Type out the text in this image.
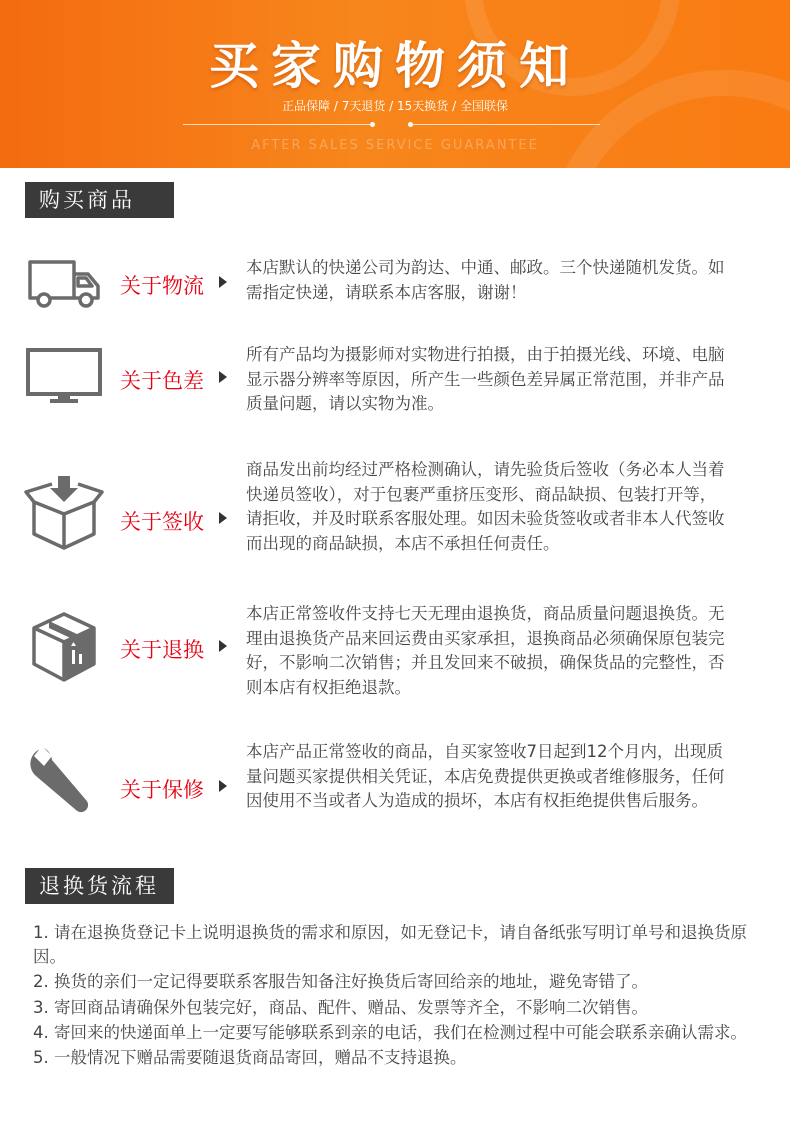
买家购物须知
正品保障 / 7天退货 / 15天换货 / 全国联保
AFTER SALES SERVICE GUARANTEE
购买商品
关于物流
本店默认的快递公司为韵达、中通、邮政。三个快递随机发货。如需指定快递，请联系本店客服，谢谢！
关于色差
所有产品均为摄影师对实物进行拍摄，由于拍摄光线、环境、电脑显示器分辨率等原因，所产生一些颜色差异属正常范围，并非产品质量问题，请以实物为准。
关于签收
商品发出前均经过严格检测确认，请先验货后签收（务必本人当着快递员签收），对于包裹严重挤压变形、商品缺损、包装打开等，请拒收，并及时联系客服处理。如因未验货签收或者非本人代签收而出现的商品缺损，本店不承担任何责任。
关于退换
本店正常签收件支持七天无理由退换货，商品质量问题退换货。无理由退换货产品来回运费由买家承担，退换商品必须确保原包装完好，不影响二次销售；并且发回来不破损，确保货品的完整性，否则本店有权拒绝退款。
关于保修
本店产品正常签收的商品，自买家签收7日起到12个月内，出现质量问题买家提供相关凭证，本店免费提供更换或者维修服务，任何因使用不当或者人为造成的损坏，本店有权拒绝提供售后服务。
退换货流程
1. 请在退换货登记卡上说明退换货的需求和原因，如无登记卡，请自备纸张写明订单号和退换货原因。
2. 换货的亲们一定记得要联系客服告知备注好换货后寄回给亲的地址，避免寄错了。
3. 寄回商品请确保外包装完好，商品、配件、赠品、发票等齐全，不影响二次销售。
4. 寄回来的快递面单上一定要写能够联系到亲的电话，我们在检测过程中可能会联系亲确认需求。
5. 一般情况下赠品需要随退货商品寄回，赠品不支持退换。
